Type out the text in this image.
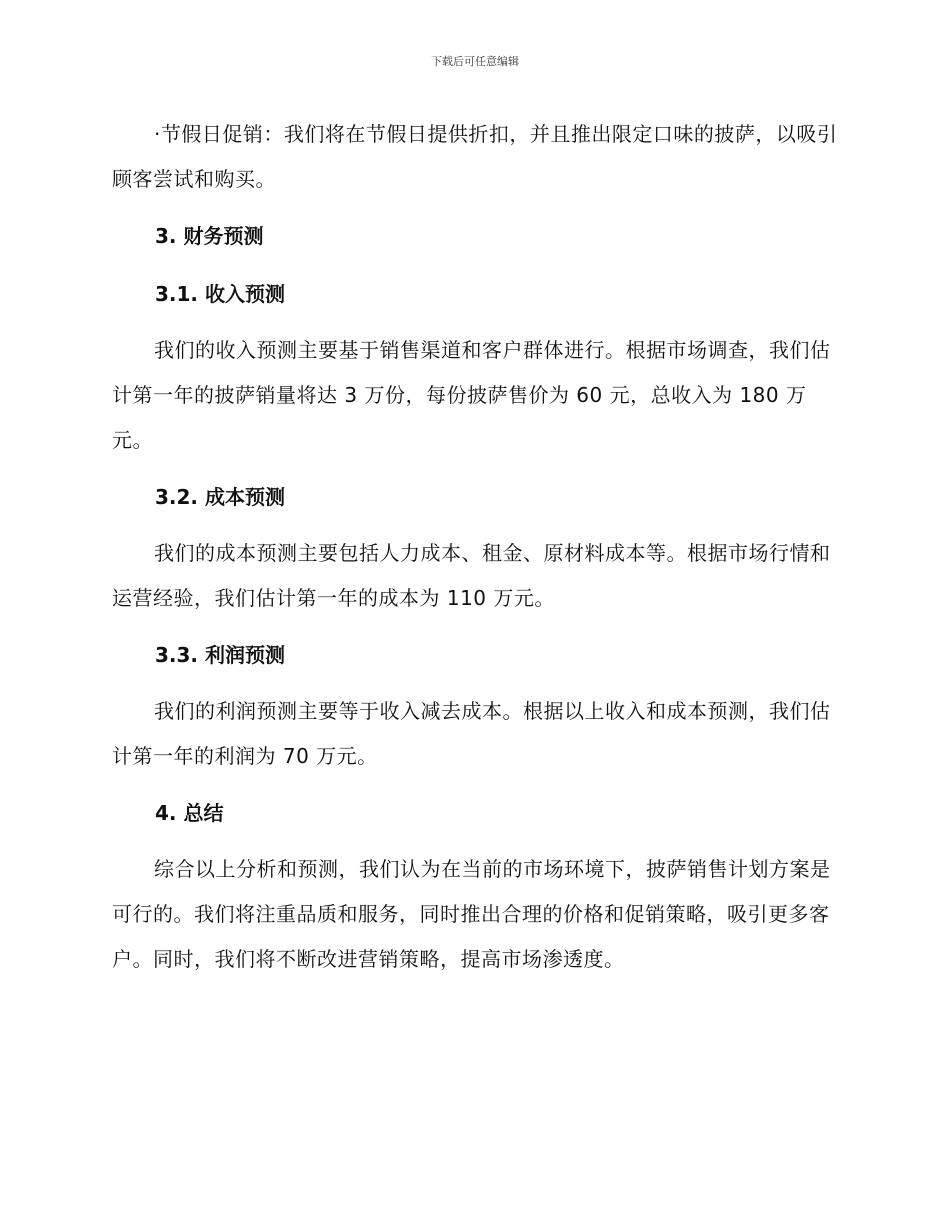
下载后可任意编辑

·节假日促销：我们将在节假日提供折扣，并且推出限定口味的披萨，以吸引顾客尝试和购买。

3. 财务预测
3.1. 收入预测

我们的收入预测主要基于销售渠道和客户群体进行。根据市场调查，我们估计第一年的披萨销量将达 3 万份，每份披萨售价为 60 元，总收入为 180 万元。

3.2. 成本预测

我们的成本预测主要包括人力成本、租金、原材料成本等。根据市场行情和运营经验，我们估计第一年的成本为 110 万元。

3.3. 利润预测

我们的利润预测主要等于收入减去成本。根据以上收入和成本预测，我们估计第一年的利润为 70 万元。

4. 总结

综合以上分析和预测，我们认为在当前的市场环境下，披萨销售计划方案是可行的。我们将注重品质和服务，同时推出合理的价格和促销策略，吸引更多客户。同时，我们将不断改进营销策略，提高市场渗透度。
